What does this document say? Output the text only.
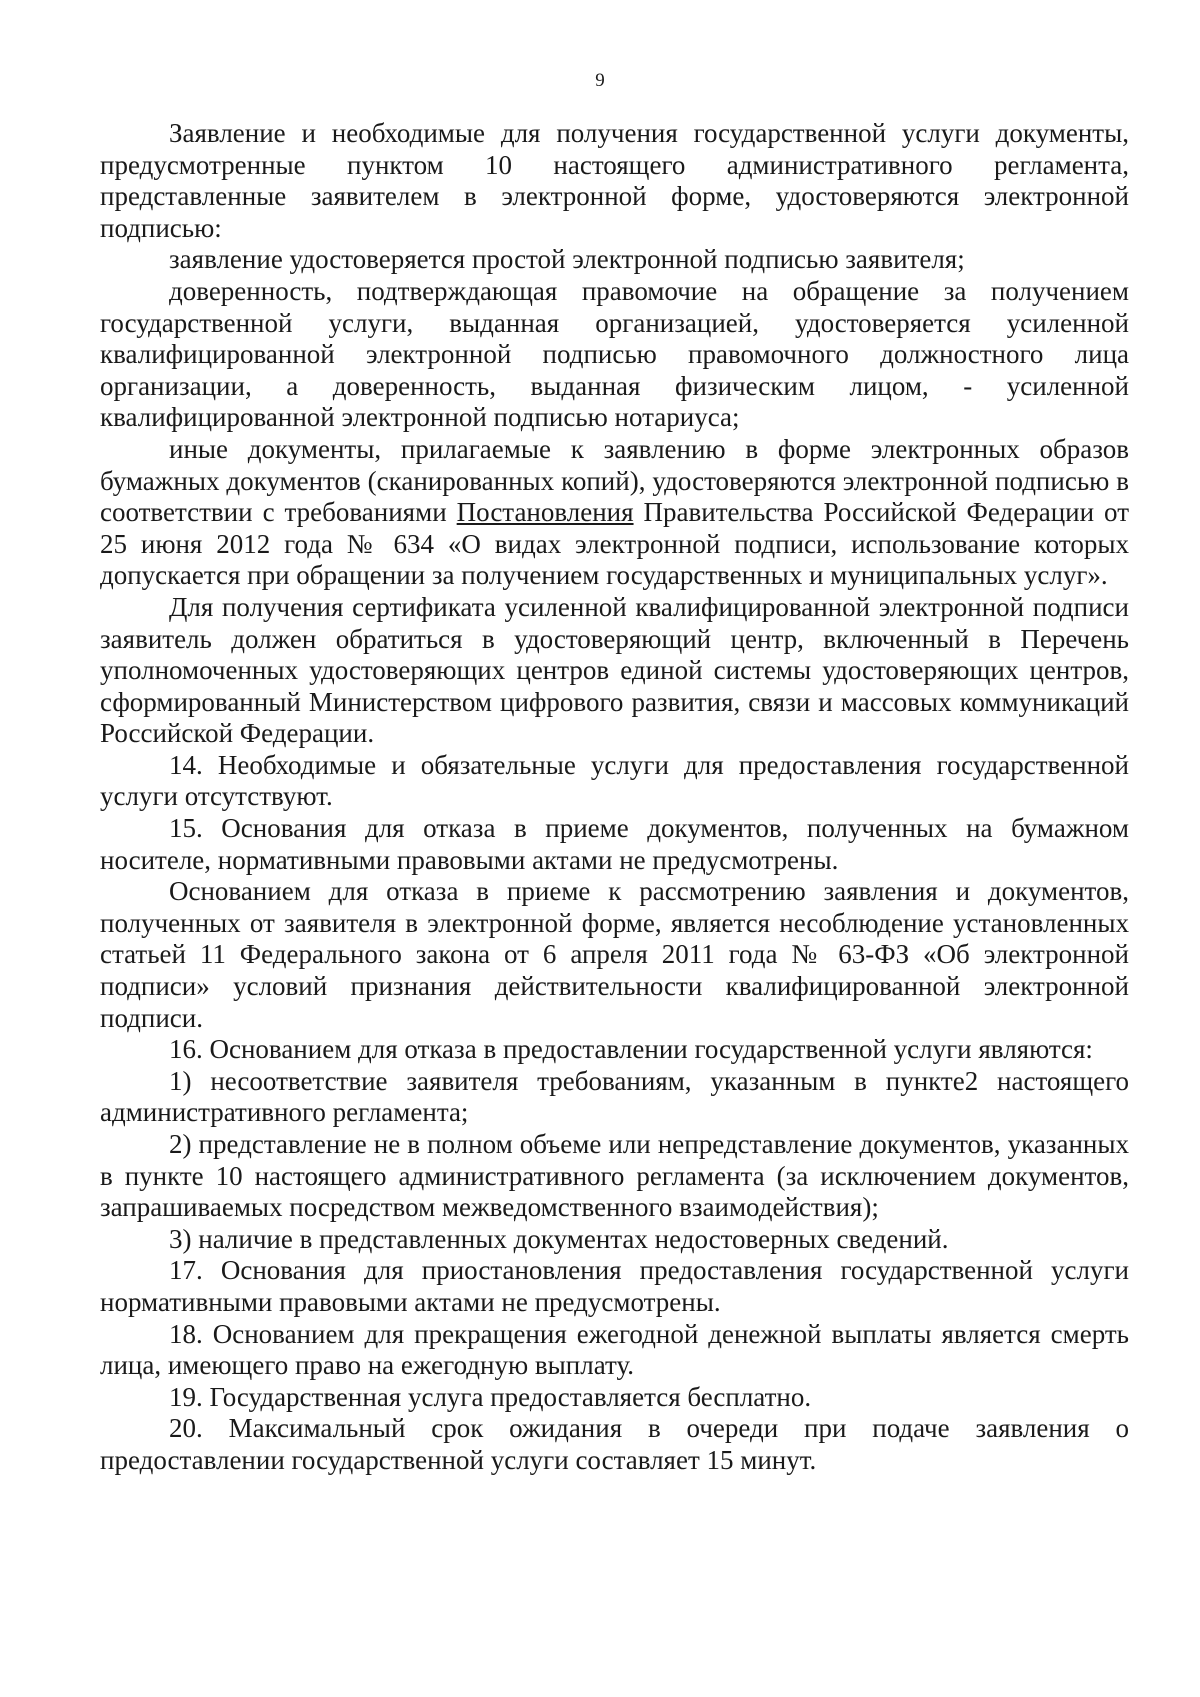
9

Заявление и необходимые для получения государственной услуги документы, предусмотренные пунктом 10 настоящего административного регламента, представленные заявителем в электронной форме, удостоверяются электронной подписью:

заявление удостоверяется простой электронной подписью заявителя;

доверенность, подтверждающая правомочие на обращение за получением государственной услуги, выданная организацией, удостоверяется усиленной квалифицированной электронной подписью правомочного должностного лица организации, а доверенность, выданная физическим лицом, - усиленной квалифицированной электронной подписью нотариуса;

иные документы, прилагаемые к заявлению в форме электронных образов бумажных документов (сканированных копий), удостоверяются электронной подписью в соответствии с требованиями Постановления Правительства Российской Федерации от 25 июня 2012 года № 634 «О видах электронной подписи, использование которых допускается при обращении за получением государственных и муниципальных услуг».

Для получения сертификата усиленной квалифицированной электронной подписи заявитель должен обратиться в удостоверяющий центр, включенный в Перечень уполномоченных удостоверяющих центров единой системы удостоверяющих центров, сформированный Министерством цифрового развития, связи и массовых коммуникаций Российской Федерации.

14. Необходимые и обязательные услуги для предоставления государственной услуги отсутствуют.

15. Основания для отказа в приеме документов, полученных на бумажном носителе, нормативными правовыми актами не предусмотрены.

Основанием для отказа в приеме к рассмотрению заявления и документов, полученных от заявителя в электронной форме, является несоблюдение установленных статьей 11 Федерального закона от 6 апреля 2011 года № 63-ФЗ «Об электронной подписи» условий признания действительности квалифицированной электронной подписи.

16. Основанием для отказа в предоставлении государственной услуги являются:

1) несоответствие заявителя требованиям, указанным в пункте2 настоящего административного регламента;

2) представление не в полном объеме или непредставление документов, указанных в пункте 10 настоящего административного регламента (за исключением документов, запрашиваемых посредством межведомственного взаимодействия);

3) наличие в представленных документах недостоверных сведений.

17. Основания для приостановления предоставления государственной услуги нормативными правовыми актами не предусмотрены.

18. Основанием для прекращения ежегодной денежной выплаты является смерть лица, имеющего право на ежегодную выплату.

19. Государственная услуга предоставляется бесплатно.

20. Максимальный срок ожидания в очереди при подаче заявления о предоставлении государственной услуги составляет 15 минут.
